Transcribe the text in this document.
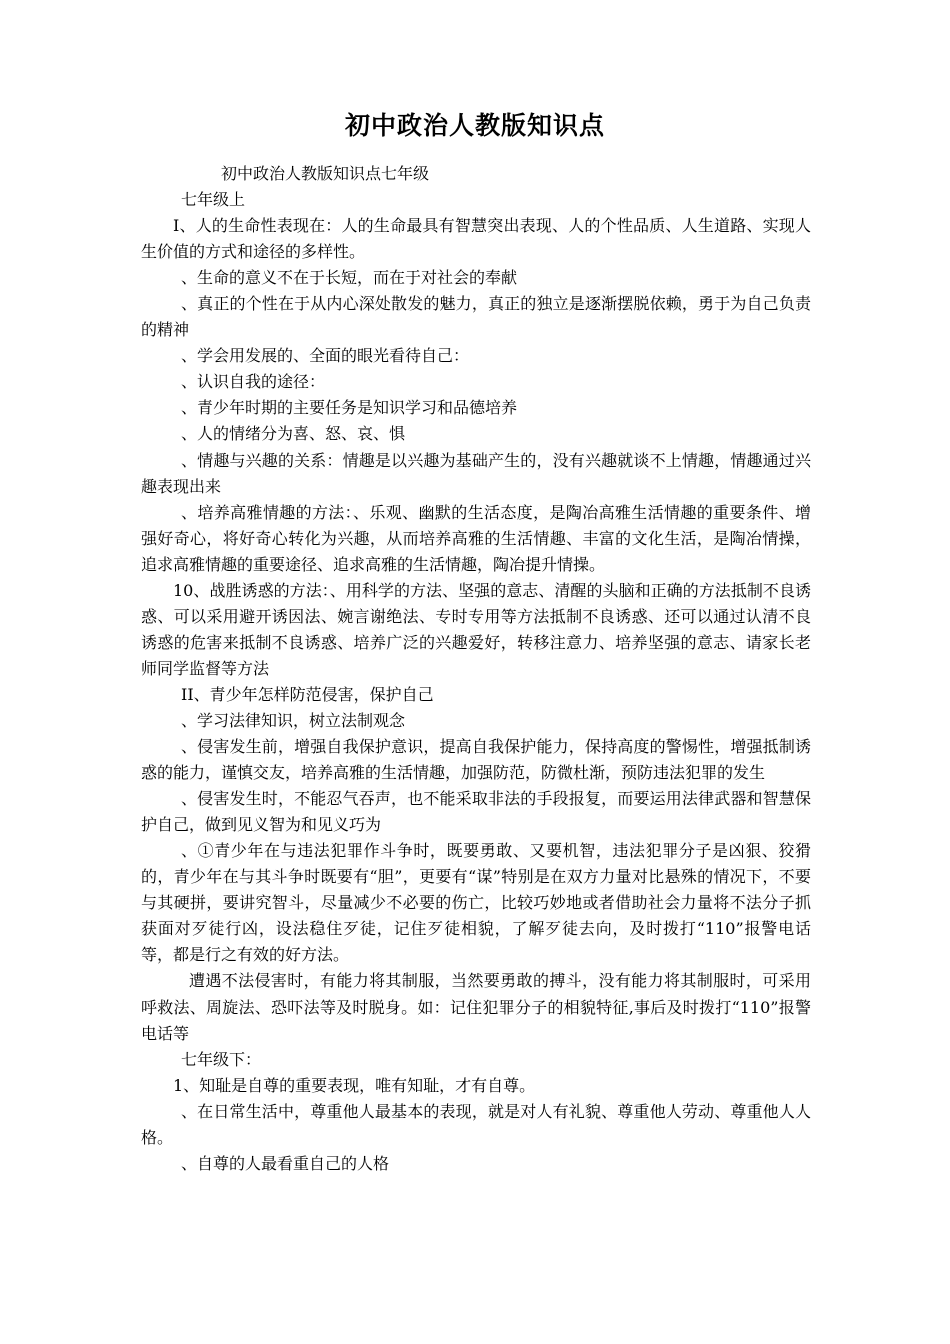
初中政治人教版知识点

初中政治人教版知识点七年级

七年级上

I、人的生命性表现在：人的生命最具有智慧突出表现、人的个性品质、人生道路、实现人生价值的方式和途径的多样性。

、生命的意义不在于长短，而在于对社会的奉献

、真正的个性在于从内心深处散发的魅力，真正的独立是逐渐摆脱依赖，勇于为自己负责的精神

、学会用发展的、全面的眼光看待自己：

、认识自我的途径：

、青少年时期的主要任务是知识学习和品德培养

、人的情绪分为喜、怒、哀、惧

、情趣与兴趣的关系：情趣是以兴趣为基础产生的，没有兴趣就谈不上情趣，情趣通过兴趣表现出来

、培养高雅情趣的方法：、乐观、幽默的生活态度，是陶冶高雅生活情趣的重要条件、增强好奇心，将好奇心转化为兴趣，从而培养高雅的生活情趣、丰富的文化生活，是陶冶情操，追求高雅情趣的重要途径、追求高雅的生活情趣，陶冶提升情操。

10、战胜诱惑的方法：、用科学的方法、坚强的意志、清醒的头脑和正确的方法抵制不良诱惑、可以采用避开诱因法、婉言谢绝法、专时专用等方法抵制不良诱惑、还可以通过认清不良诱惑的危害来抵制不良诱惑、培养广泛的兴趣爱好，转移注意力、培养坚强的意志、请家长老师同学监督等方法

II、青少年怎样防范侵害，保护自己

、学习法律知识，树立法制观念

、侵害发生前，增强自我保护意识，提高自我保护能力，保持高度的警惕性，增强抵制诱惑的能力，谨慎交友，培养高雅的生活情趣，加强防范，防微杜渐，预防违法犯罪的发生

、侵害发生时，不能忍气吞声，也不能采取非法的手段报复，而要运用法律武器和智慧保护自己，做到见义智为和见义巧为

、①青少年在与违法犯罪作斗争时，既要勇敢、又要机智，违法犯罪分子是凶狠、狡猾的，青少年在与其斗争时既要有“胆”，更要有“谋”特别是在双方力量对比悬殊的情况下，不要与其硬拼，要讲究智斗，尽量减少不必要的伤亡，比较巧妙地或者借助社会力量将不法分子抓获面对歹徒行凶，设法稳住歹徒，记住歹徒相貌，了解歹徒去向，及时拨打“110”报警电话等，都是行之有效的好方法。

遭遇不法侵害时，有能力将其制服，当然要勇敢的搏斗，没有能力将其制服时，可采用呼救法、周旋法、恐吓法等及时脱身。如：记住犯罪分子的相貌特征,事后及时拨打“110”报警电话等

七年级下：

1、知耻是自尊的重要表现，唯有知耻，才有自尊。

、在日常生活中，尊重他人最基本的表现，就是对人有礼貌、尊重他人劳动、尊重他人人格。

、自尊的人最看重自己的人格
